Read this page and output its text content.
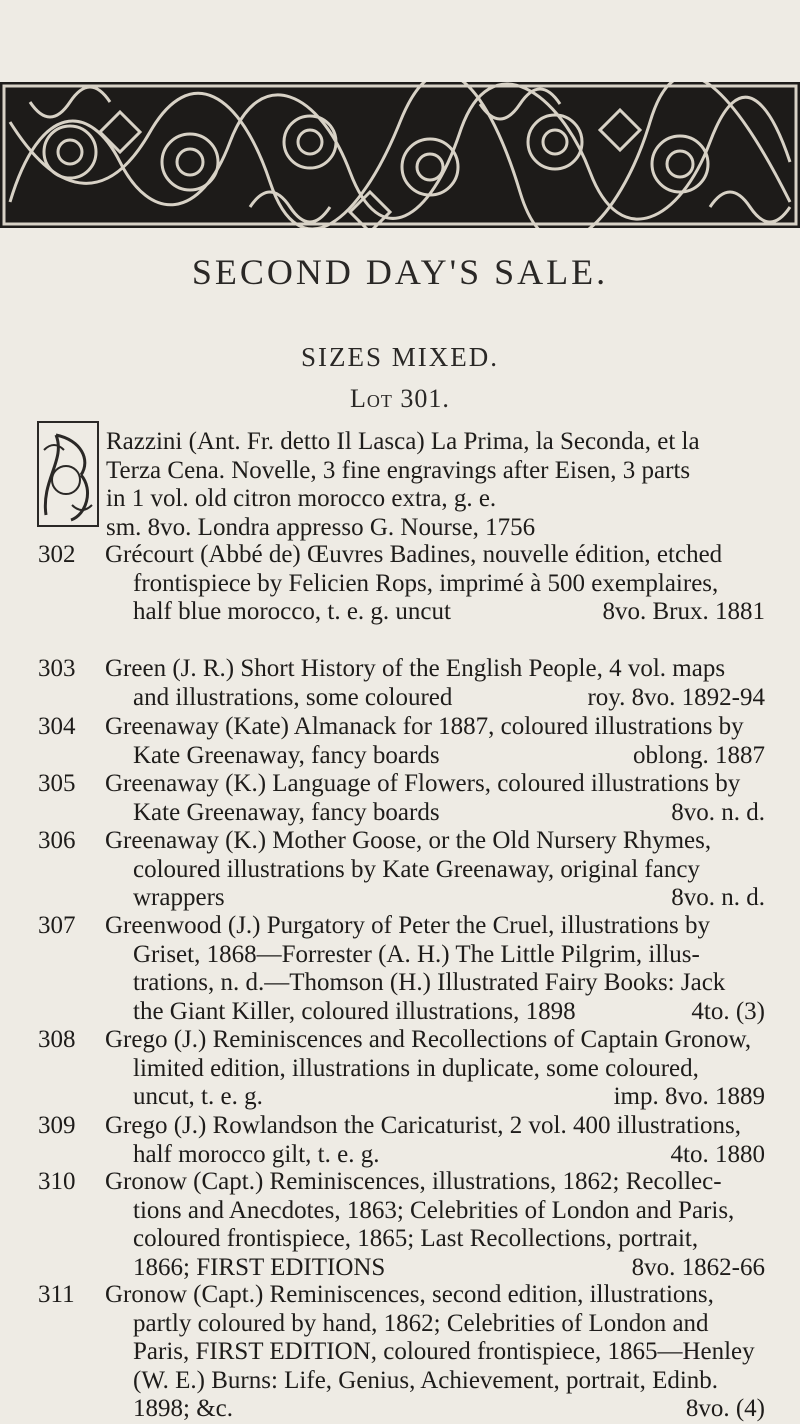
SECOND DAY'S SALE.
SIZES MIXED.
Lot 301.
Razzini (Ant. Fr. detto Il Lasca) La Prima, la Seconda, et la
Terza Cena. Novelle, 3 fine engravings after Eisen, 3 parts
in 1 vol. old citron morocco extra, g. e.
sm. 8vo. Londra appresso G. Nourse, 1756
302	Grécourt (Abbé de) Œuvres Badines, nouvelle édition, etched
frontispiece by Felicien Rops, imprimé à 500 exemplaires,
half blue morocco, t. e. g. uncut	8vo. Brux. 1881
303	Green (J. R.) Short History of the English People, 4 vol. maps
and illustrations, some coloured	roy. 8vo. 1892-94
304	Greenaway (Kate) Almanack for 1887, coloured illustrations by
Kate Greenaway, fancy boards	oblong. 1887
305	Greenaway (K.) Language of Flowers, coloured illustrations by
Kate Greenaway, fancy boards	8vo. n. d.
306	Greenaway (K.) Mother Goose, or the Old Nursery Rhymes,
coloured illustrations by Kate Greenaway, original fancy
wrappers	8vo. n. d.
307	Greenwood (J.) Purgatory of Peter the Cruel, illustrations by
Griset, 1868—Forrester (A. H.) The Little Pilgrim, illus-
trations, n. d.—Thomson (H.) Illustrated Fairy Books: Jack
the Giant Killer, coloured illustrations, 1898	4to. (3)
308	Grego (J.) Reminiscences and Recollections of Captain Gronow,
limited edition, illustrations in duplicate, some coloured,
uncut, t. e. g.	imp. 8vo. 1889
309	Grego (J.) Rowlandson the Caricaturist, 2 vol. 400 illustrations,
half morocco gilt, t. e. g.	4to. 1880
310	Gronow (Capt.) Reminiscences, illustrations, 1862; Recollec-
tions and Anecdotes, 1863; Celebrities of London and Paris,
coloured frontispiece, 1865; Last Recollections, portrait,
1866; FIRST EDITIONS	8vo. 1862-66
311	Gronow (Capt.) Reminiscences, second edition, illustrations,
partly coloured by hand, 1862; Celebrities of London and
Paris, FIRST EDITION, coloured frontispiece, 1865—Henley
(W. E.) Burns: Life, Genius, Achievement, portrait, Edinb.
1898; &c.	8vo. (4)
